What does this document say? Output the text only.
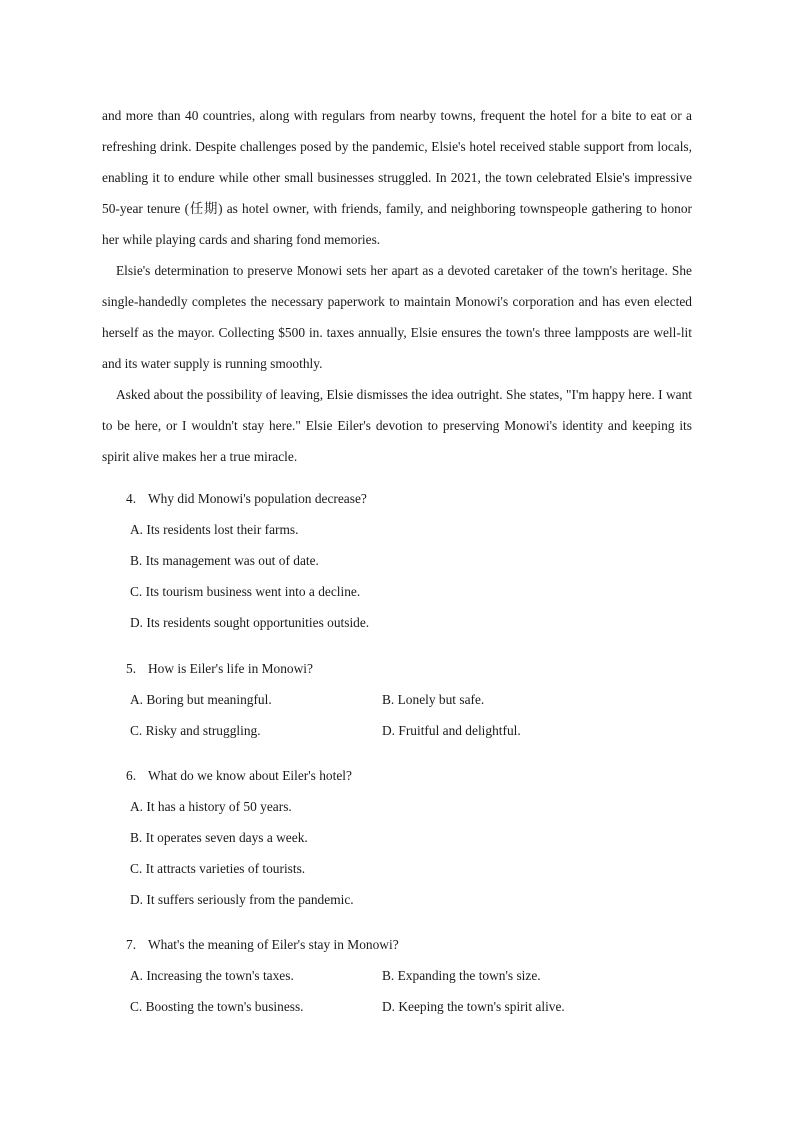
and more than 40 countries, along with regulars from nearby towns, frequent the hotel for a bite to eat or a refreshing drink. Despite challenges posed by the pandemic, Elsie's hotel received stable support from locals, enabling it to endure while other small businesses struggled. In 2021, the town celebrated Elsie's impressive 50-year tenure (任期) as hotel owner, with friends, family, and neighboring townspeople gathering to honor her while playing cards and sharing fond memories.

Elsie's determination to preserve Monowi sets her apart as a devoted caretaker of the town's heritage. She single-handedly completes the necessary paperwork to maintain Monowi's corporation and has even elected herself as the mayor. Collecting $500 in. taxes annually, Elsie ensures the town's three lampposts are well-lit and its water supply is running smoothly.

Asked about the possibility of leaving, Elsie dismisses the idea outright. She states, "I'm happy here. I want to be here, or I wouldn't stay here." Elsie Eiler's devotion to preserving Monowi's identity and keeping its spirit alive makes her a true miracle.

4. Why did Monowi's population decrease?
A. Its residents lost their farms.
B. Its management was out of date.
C. Its tourism business went into a decline.
D. Its residents sought opportunities outside.
5. How is Eiler's life in Monowi?
A. Boring but meaningful.	B. Lonely but safe.
C. Risky and struggling.	D. Fruitful and delightful.
6. What do we know about Eiler's hotel?
A. It has a history of 50 years.
B. It operates seven days a week.
C. It attracts varieties of tourists.
D. It suffers seriously from the pandemic.
7. What's the meaning of Eiler's stay in Monowi?
A. Increasing the town's taxes.	B. Expanding the town's size.
C. Boosting the town's business.	D. Keeping the town's spirit alive.
